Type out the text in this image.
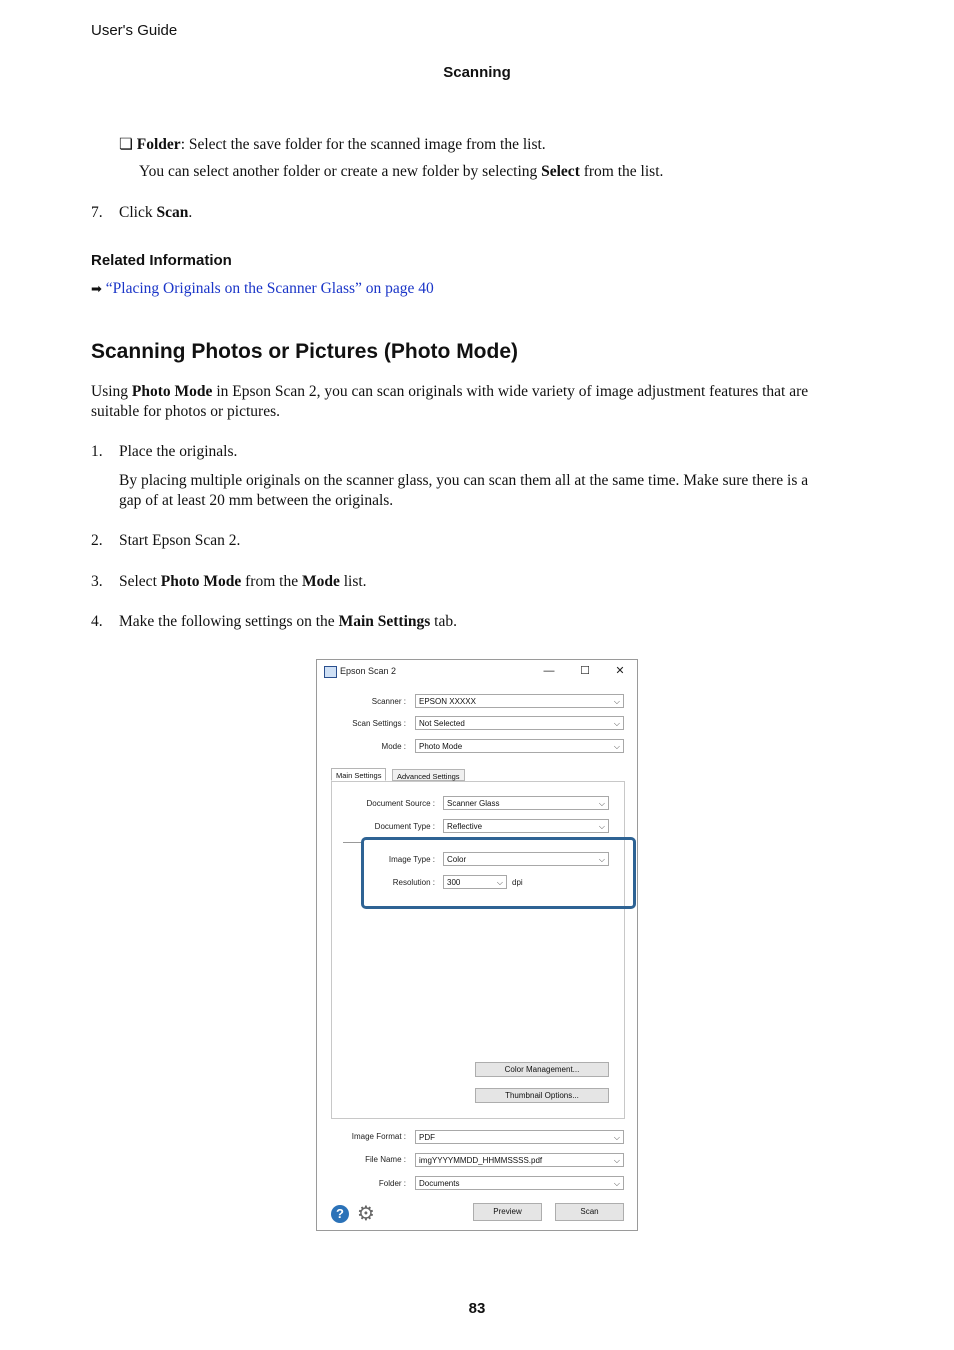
User's Guide
Scanning
❏ Folder: Select the save folder for the scanned image from the list.
You can select another folder or create a new folder by selecting Select from the list.
7. Click Scan.
Related Information
➡ “Placing Originals on the Scanner Glass” on page 40
Scanning Photos or Pictures (Photo Mode)
Using Photo Mode in Epson Scan 2, you can scan originals with wide variety of image adjustment features that are
suitable for photos or pictures.
1. Place the originals.
By placing multiple originals on the scanner glass, you can scan them all at the same time. Make sure there is a
gap of at least 20 mm between the originals.
2. Start Epson Scan 2.
3. Select Photo Mode from the Mode list.
4. Make the following settings on the Main Settings tab.
Epson Scan 2	—	☐	✕
Scanner :	EPSON XXXXX	⌵
Scan Settings :	Not Selected	⌵
Mode :	Photo Mode	⌵
Main Settings	Advanced Settings
Document Source :	Scanner Glass	⌵
Document Type :	Reflective	⌵
Image Type :	Color	⌵
Resolution :	300	⌵ dpi
Color Management...
Thumbnail Options...
Image Format :	PDF	⌵
File Name :	imgYYYYMMDD_HHMMSSSS.pdf	⌵
Folder :	Documents	⌵
? ⚙	Preview	Scan
83
